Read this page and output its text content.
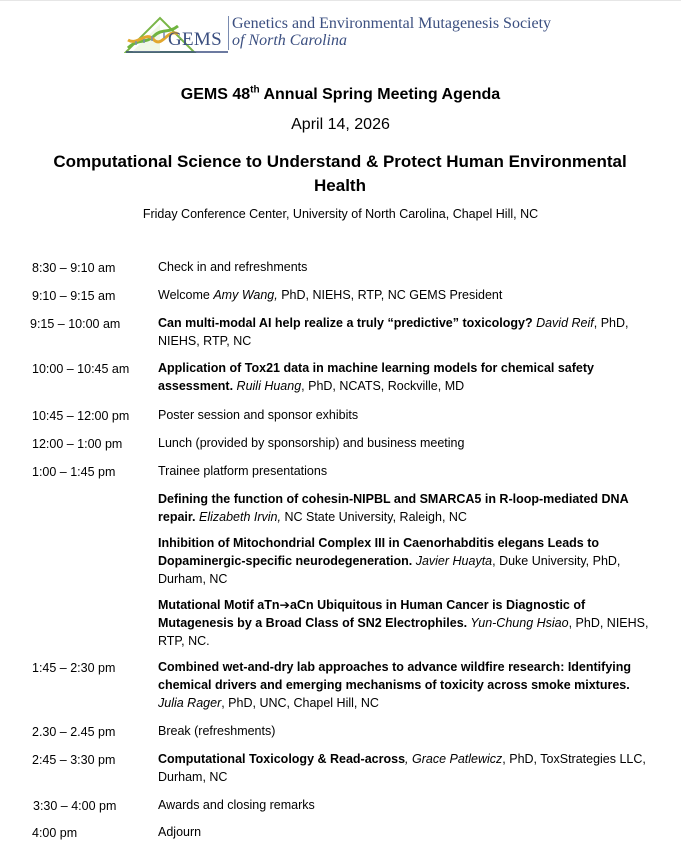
GEMS
Genetics and Environmental Mutagenesis Society
of North Carolina
GEMS 48th Annual Spring Meeting Agenda
April 14, 2026
Computational Science to Understand & Protect Human Environmental Health
Friday Conference Center, University of North Carolina, Chapel Hill, NC
8:30 – 9:10 am	Check in and refreshments
9:10 – 9:15 am	Welcome Amy Wang, PhD, NIEHS, RTP, NC GEMS President
9:15 – 10:00 am	Can multi-modal AI help realize a truly “predictive” toxicology? David Reif, PhD, NIEHS, RTP, NC
10:00 – 10:45 am Application of Tox21 data in machine learning models for chemical safety assessment. Ruili Huang, PhD, NCATS, Rockville, MD
10:45 – 12:00 pm Poster session and sponsor exhibits
12:00 – 1:00 pm	Lunch (provided by sponsorship) and business meeting
1:00 – 1:45 pm	Trainee platform presentations
Defining the function of cohesin-NIPBL and SMARCA5 in R-loop-mediated DNA repair. Elizabeth Irvin, NC State University, Raleigh, NC
Inhibition of Mitochondrial Complex III in Caenorhabditis elegans Leads to Dopaminergic-specific neurodegeneration. Javier Huayta, Duke University, PhD, Durham, NC
Mutational Motif aTn➔aCn Ubiquitous in Human Cancer is Diagnostic of Mutagenesis by a Broad Class of SN2 Electrophiles. Yun-Chung Hsiao, PhD, NIEHS, RTP, NC.
1:45 – 2:30 pm	Combined wet-and-dry lab approaches to advance wildfire research: Identifying chemical drivers and emerging mechanisms of toxicity across smoke mixtures. Julia Rager, PhD, UNC, Chapel Hill, NC
2.30 – 2.45 pm	Break (refreshments)
2:45 – 3:30 pm	Computational Toxicology & Read-across, Grace Patlewicz, PhD, ToxStrategies LLC, Durham, NC
3:30 – 4:00 pm	Awards and closing remarks
4:00 pm	Adjourn
